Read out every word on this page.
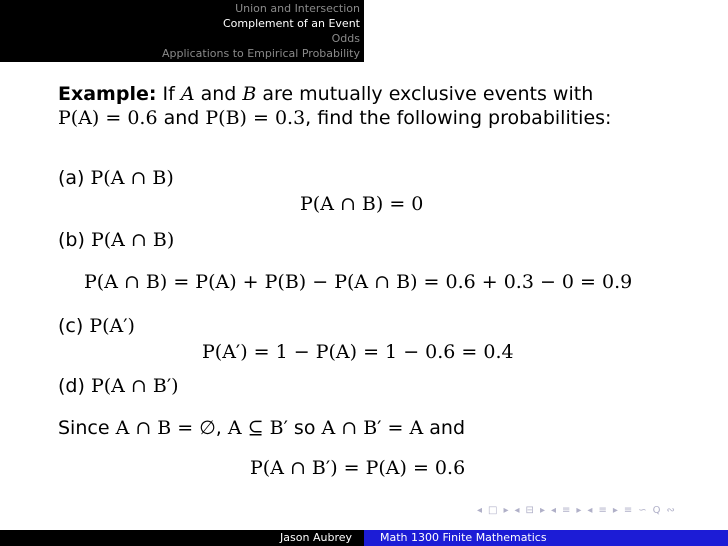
Union and Intersection
Complement of an Event
Odds
Applications to Empirical Probability
Example: If A and B are mutually exclusive events with
P(A) = 0.6 and P(B) = 0.3, find the following probabilities:
(a) P(A ∩ B)
P(A ∩ B) = 0
(b) P(A ∩ B)
P(A ∩ B) = P(A) + P(B) − P(A ∩ B) = 0.6 + 0.3 − 0 = 0.9
(c) P(A′)
P(A′) = 1 − P(A) = 1 − 0.6 = 0.4
(d) P(A ∩ B′)
Since A ∩ B = ∅, A ⊆ B′ so A ∩ B′ = A and
P(A ∩ B′) = P(A) = 0.6
◂ □ ▸ ◂ ⊟ ▸ ◂ ≡ ▸ ◂ ≡ ▸ ≡ ∽ Q ∾
Jason Aubrey	Math 1300 Finite Mathematics
